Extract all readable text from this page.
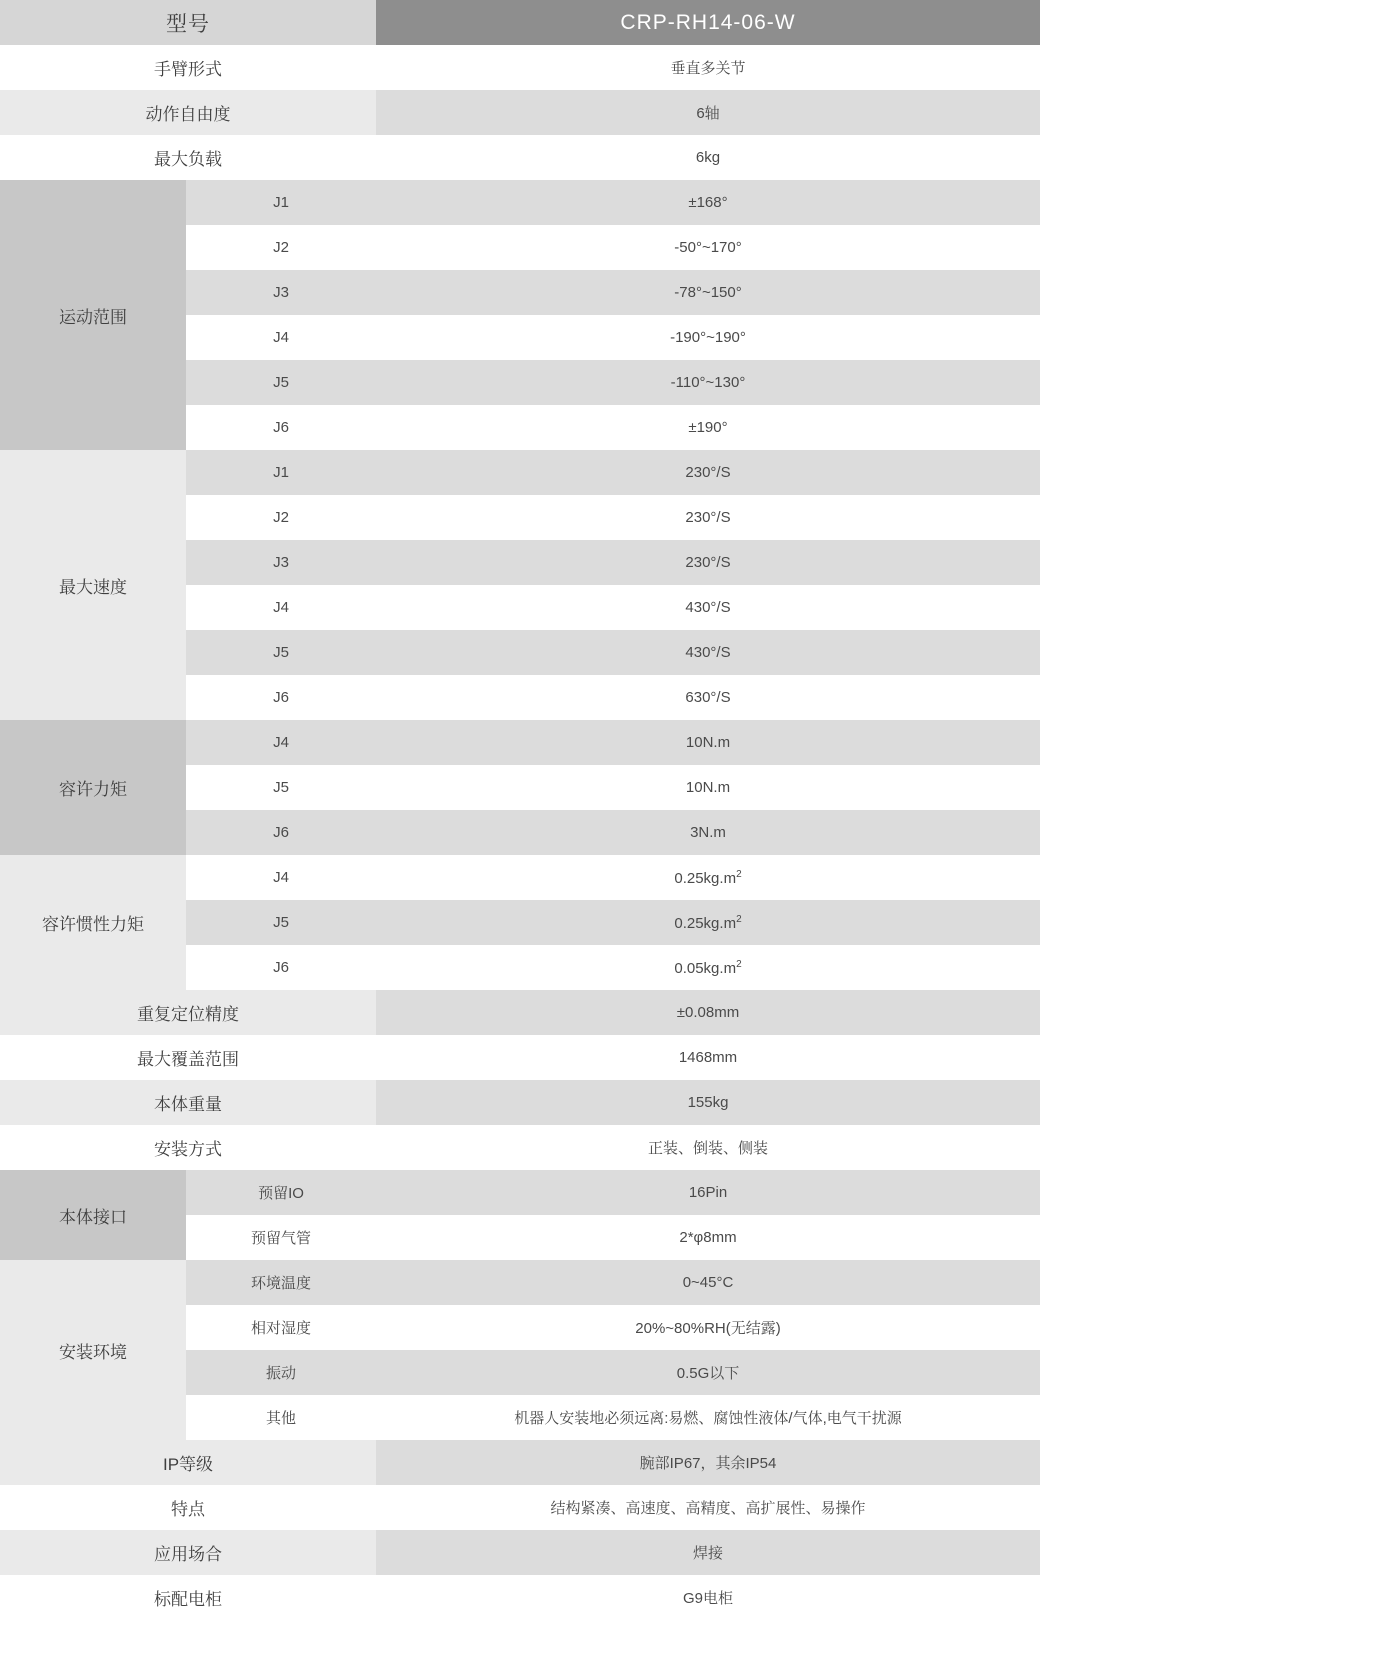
型号		CRP-RH14-06-W
手臂形式		垂直多关节
动作自由度		6轴
最大负载		6kg
运动范围	J1	±168°
	J2	-50°~170°
	J3	-78°~150°
	J4	-190°~190°
	J5	-110°~130°
	J6	±190°
最大速度	J1	230°/S
	J2	230°/S
	J3	230°/S
	J4	430°/S
	J5	430°/S
	J6	630°/S
容许力矩	J4	10N.m
	J5	10N.m
	J6	3N.m
容许惯性力矩	J4	$0.25kg.m^2$
	J5	$0.25kg.m^2$
	J6	$0.05kg.m^2$
重复定位精度		±0.08mm
最大覆盖范围		1468mm
本体重量		155kg
安装方式		正装、倒装、侧装
本体接口	预留IO	16Pin
	预留气管	2*φ8mm
安装环境	环境温度	0~45°C
	相对湿度	20%~80%RH(无结露)
	振动	0.5G以下
	其他	机器人安装地必须远离:易燃、腐蚀性液体/气体,电气干扰源
IP等级		腕部IP67，其余IP54
特点		结构紧凑、高速度、高精度、高扩展性、易操作
应用场合		焊接
标配电柜		G9电柜
